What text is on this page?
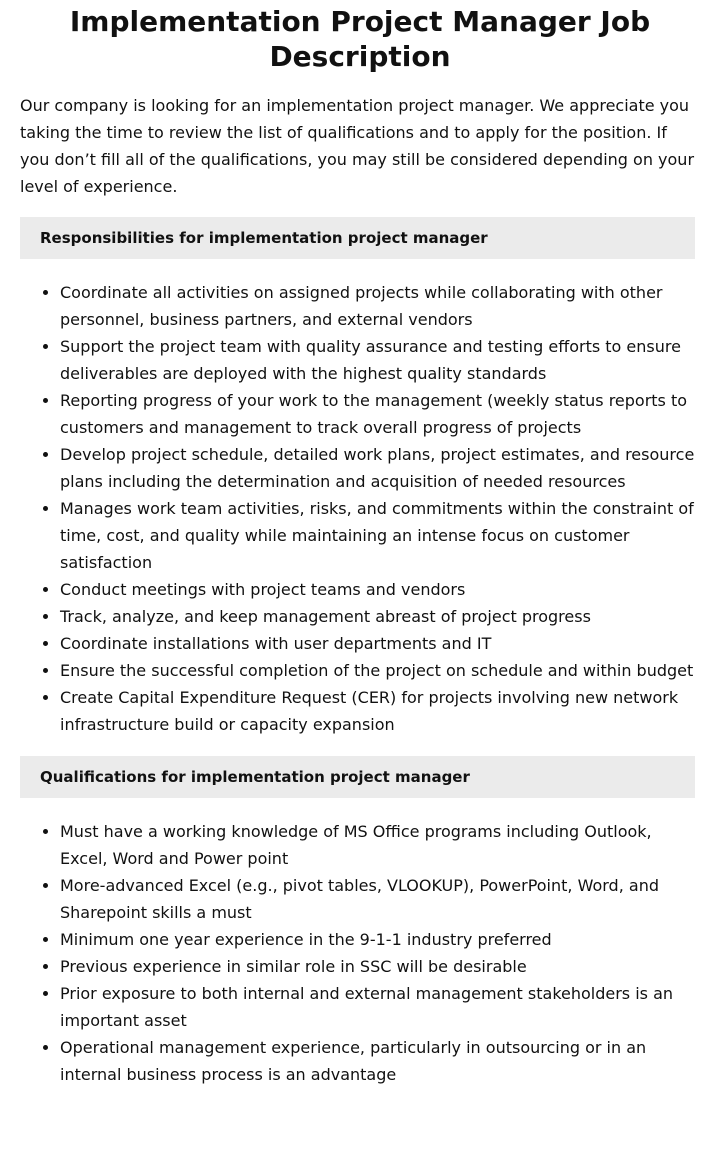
Implementation Project Manager Job Description

Our company is looking for an implementation project manager. We appreciate you taking the time to review the list of qualifications and to apply for the position. If you don’t fill all of the qualifications, you may still be considered depending on your level of experience.

Responsibilities for implementation project manager
• Coordinate all activities on assigned projects while collaborating with other personnel, business partners, and external vendors
• Support the project team with quality assurance and testing efforts to ensure deliverables are deployed with the highest quality standards
• Reporting progress of your work to the management (weekly status reports to customers and management to track overall progress of projects
• Develop project schedule, detailed work plans, project estimates, and resource plans including the determination and acquisition of needed resources
• Manages work team activities, risks, and commitments within the constraint of time, cost, and quality while maintaining an intense focus on customer satisfaction
• Conduct meetings with project teams and vendors
• Track, analyze, and keep management abreast of project progress
• Coordinate installations with user departments and IT
• Ensure the successful completion of the project on schedule and within budget
• Create Capital Expenditure Request (CER) for projects involving new network infrastructure build or capacity expansion
Qualifications for implementation project manager
• Must have a working knowledge of MS Office programs including Outlook, Excel, Word and Power point
• More-advanced Excel (e.g., pivot tables, VLOOKUP), PowerPoint, Word, and Sharepoint skills a must
• Minimum one year experience in the 9-1-1 industry preferred
• Previous experience in similar role in SSC will be desirable
• Prior exposure to both internal and external management stakeholders is an important asset
• Operational management experience, particularly in outsourcing or in an internal business process is an advantage
